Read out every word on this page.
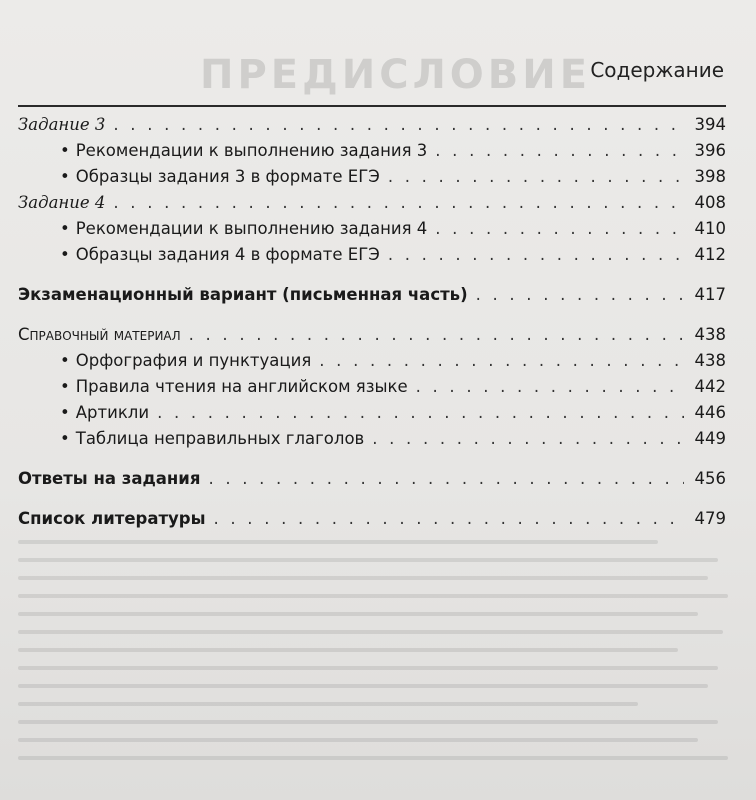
ПРЕДИСЛОВИЕ Содержание
Задание 3 . . .	394
• Рекомендации к выполнению задания 3 . . .	396
• Образцы задания 3 в формате ЕГЭ . . .	398
Задание 4 . . .	408
• Рекомендации к выполнению задания 4 . . .	410
• Образцы задания 4 в формате ЕГЭ . . .	412
Экзаменационный вариант (письменная часть) . . .	417
Справочный материал . . .	438
• Орфография и пунктуация . . .	438
• Правила чтения на английском языке . . .	442
• Артикли . . .	446
• Таблица неправильных глаголов . . .	449
Ответы на задания . . .	456
Список литературы . . .	479
